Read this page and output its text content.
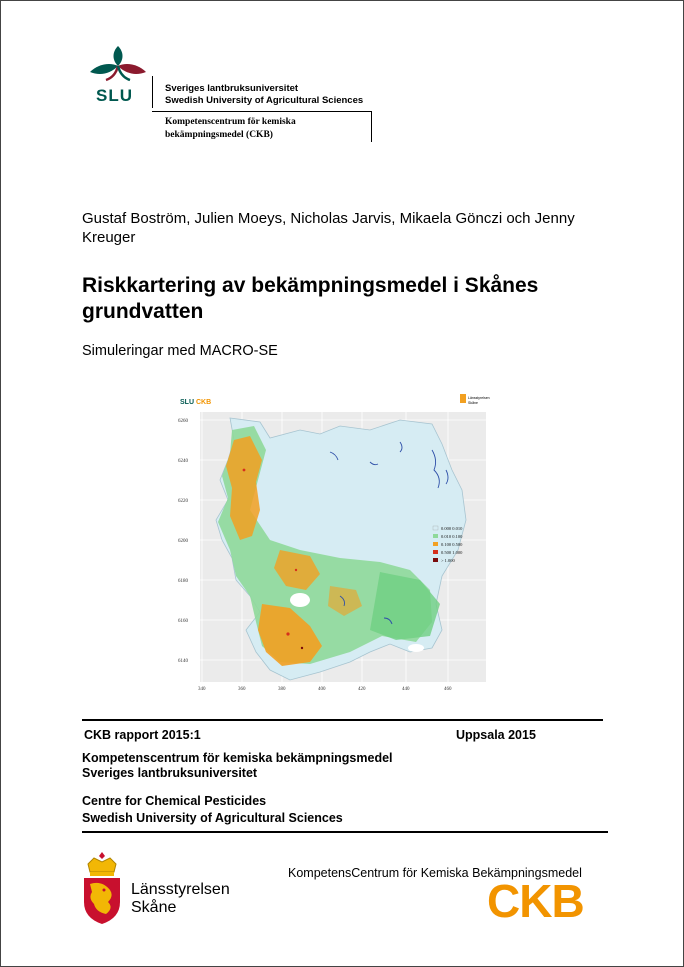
SLU	Sveriges lantbruksuniversitet
Swedish University of Agricultural Sciences
Kompetenscentrum för kemiska
bekämpningsmedel (CKB)
Gustaf Boström, Julien Moeys, Nicholas Jarvis, Mikaela Gönczi och Jenny Kreuger
Riskkartering av bekämpningsmedel i Skånes grundvatten
Simuleringar med MACRO-SE
SLU CKB
Länsstyrelsen
Skåne
6260
6240
6220
6200
6180
6160
6140
340	360	380	400	420	440	460
0.000 0.010
0.010 0.100
0.100 0.500
0.500 1.000
> 1.000
CKB rapport 2015:1	Uppsala 2015
Kompetenscentrum för kemiska bekämpningsmedel
Sveriges lantbruksuniversitet
Centre for Chemical Pesticides
Swedish University of Agricultural Sciences
Länsstyrelsen
Skåne
KompetensCentrum för Kemiska Bekämpningsmedel
CKB
